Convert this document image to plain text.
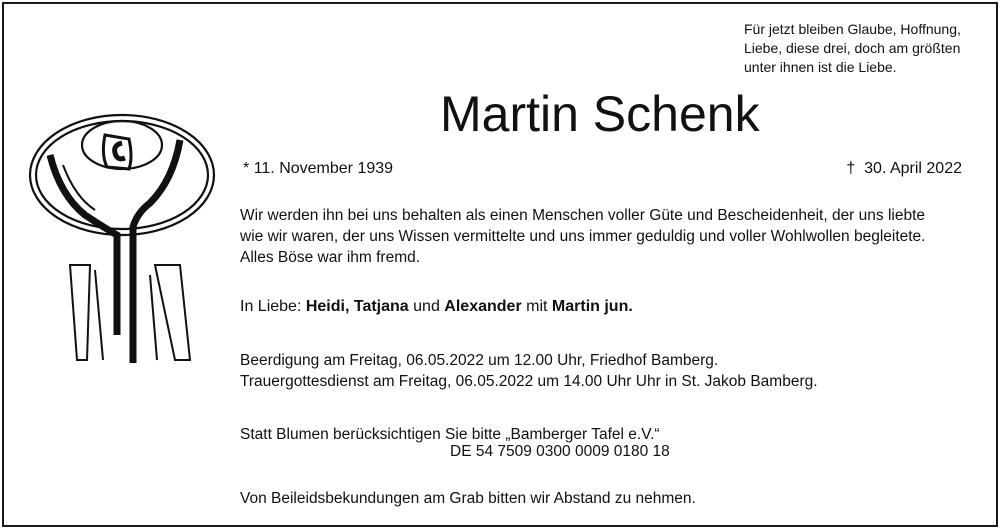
Für jetzt bleiben Glaube, Hoffnung,
Liebe, diese drei, doch am größten
unter ihnen ist die Liebe.
Martin Schenk
* 11. November 1939	† 30. April 2022
Wir werden ihn bei uns behalten als einen Menschen voller Güte und Bescheidenheit, der uns liebte
wie wir waren, der uns Wissen vermittelte und uns immer geduldig und voller Wohlwollen begleitete.
Alles Böse war ihm fremd.
In Liebe: Heidi, Tatjana und Alexander mit Martin jun.
Beerdigung am Freitag, 06.05.2022 um 12.00 Uhr, Friedhof Bamberg.
Trauergottesdienst am Freitag, 06.05.2022 um 14.00 Uhr Uhr in St. Jakob Bamberg.
Statt Blumen berücksichtigen Sie bitte „Bamberger Tafel e.V.“
DE 54 7509 0300 0009 0180 18
Von Beileidsbekundungen am Grab bitten wir Abstand zu nehmen.
